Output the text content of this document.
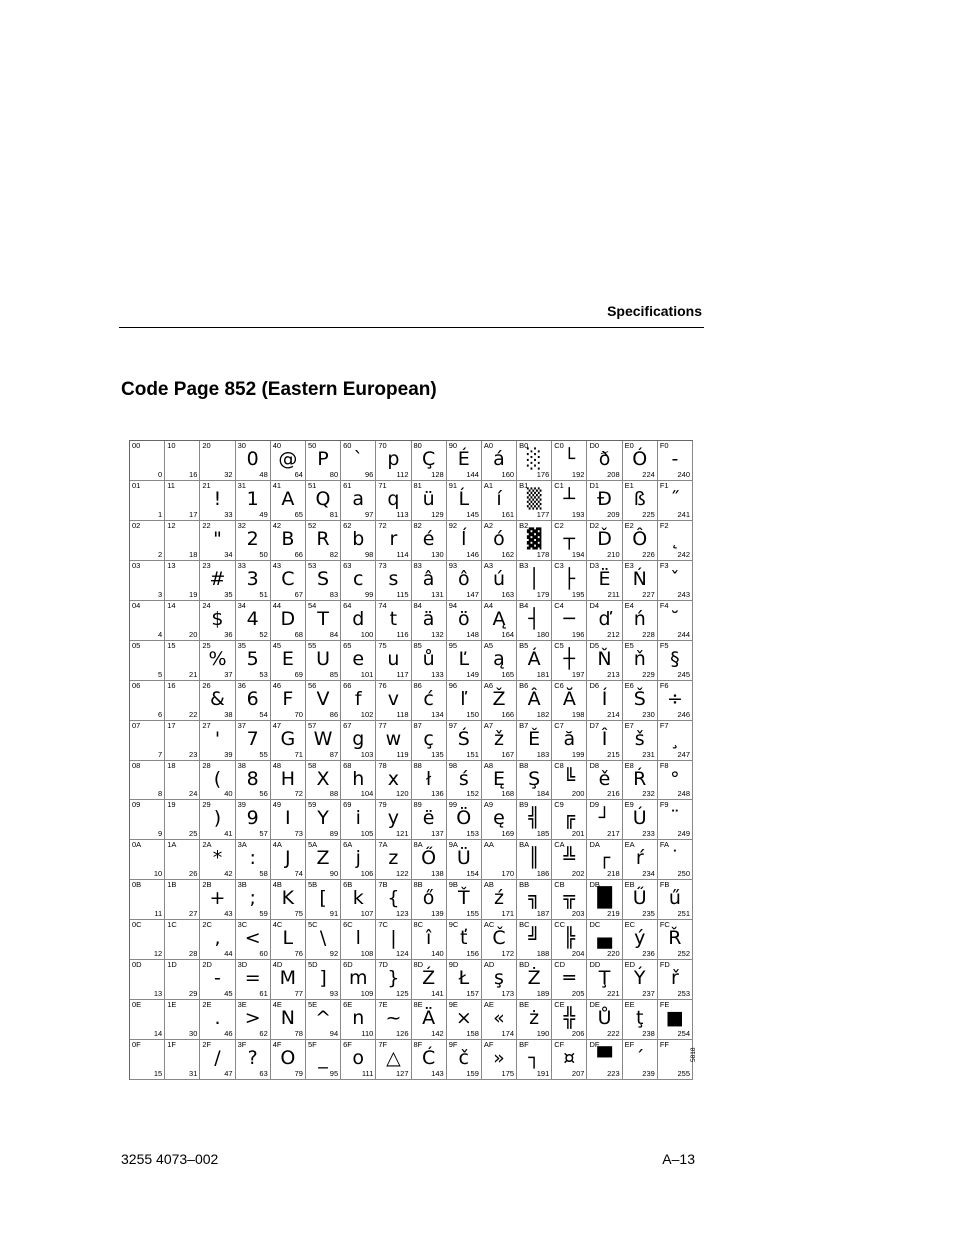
Specifications
Code Page 852 (Eastern European)
00
0
10
16
20
32
30
0
48
40
@
64
50
P
80
60
`
96
70
p
112
80
Ç
128
90
É
144
A0
á
160
B0
░
176
C0
└
192
D0
ð
208
E0
Ó
224
F0
-
240
01
1
11
17
21
!
33
31
1
49
41
A
65
51
Q
81
61
a
97
71
q
113
81
ü
129
91
Ĺ
145
A1
í
161
B1
▒
177
C1
┴
193
D1
Đ
209
E1
ß
225
F1
˝
241
02
2
12
18
22
"
34
32
2
50
42
B
66
52
R
82
62
b
98
72
r
114
82
é
130
92
ĺ
146
A2
ó
162
B2
▓
178
C2
┬
194
D2
Ď
210
E2
Ô
226
F2
˛
242
03
3
13
19
23
#
35
33
3
51
43
C
67
53
S
83
63
c
99
73
s
115
83
â
131
93
ô
147
A3
ú
163
B3
│
179
C3
├
195
D3
Ë
211
E3
Ń
227
F3
ˇ
243
04
4
14
20
24
$
36
34
4
52
44
D
68
54
T
84
64
d
100
74
t
116
84
ä
132
94
ö
148
A4
Ą
164
B4
┤
180
C4
─
196
D4
ď
212
E4
ń
228
F4
˘
244
05
5
15
21
25
%
37
35
5
53
45
E
69
55
U
85
65
e
101
75
u
117
85
ů
133
95
Ľ
149
A5
ą
165
B5
Á
181
C5
┼
197
D5
Ň
213
E5
ň
229
F5
§
245
06
6
16
22
26
&
38
36
6
54
46
F
70
56
V
86
66
f
102
76
v
118
86
ć
134
96
ľ
150
A6
Ž
166
B6
Â
182
C6
Ă
198
D6
Í
214
E6
Š
230
F6
÷
246
07
7
17
23
27
'
39
37
7
55
47
G
71
57
W
87
67
g
103
77
w
119
87
ç
135
97
Ś
151
A7
ž
167
B7
Ě
183
C7
ă
199
D7
Î
215
E7
š
231
F7
¸
247
08
8
18
24
28
(
40
38
8
56
48
H
72
58
X
88
68
h
104
78
x
120
88
ł
136
98
ś
152
A8
Ę
168
B8
Ş
184
C8
╚
200
D8
ě
216
E8
Ŕ
232
F8
°
248
09
9
19
25
29
)
41
39
9
57
49
I
73
59
Y
89
69
i
105
79
y
121
89
ë
137
99
Ö
153
A9
ę
169
B9
╣
185
C9
╔
201
D9
┘
217
E9
Ú
233
F9
¨
249
0A
10
1A
26
2A
*
42
3A
:
58
4A
J
74
5A
Z
90
6A
j
106
7A
z
122
8A
Ő
138
9A
Ü
154
AA
170
BA
║
186
CA
╩
202
DA
┌
218
EA
ŕ
234
FA
˙
250
0B
11
1B
27
2B
+
43
3B
;
59
4B
K
75
5B
[
91
6B
k
107
7B
{
123
8B
ő
139
9B
Ť
155
AB
ź
171
BB
╗
187
CB
╦
203
DB
█
219
EB
Ű
235
FB
ű
251
0C
12
1C
28
2C
,
44
3C
<
60
4C
L
76
5C
\
92
6C
l
108
7C
|
124
8C
î
140
9C
ť
156
AC
Č
172
BC
╝
188
CC
╠
204
DC
▄
220
EC
ý
236
FC
Ř
252
0D
13
1D
29
2D
-
45
3D
=
61
4D
M
77
5D
]
93
6D
m
109
7D
}
125
8D
Ź
141
9D
Ł
157
AD
ş
173
BD
Ż
189
CD
═
205
DD
Ţ
221
ED
Ý
237
FD
ř
253
0E
14
1E
30
2E
.
46
3E
>
62
4E
N
78
5E
^
94
6E
n
110
7E
~
126
8E
Ä
142
9E
×
158
AE
«
174
BE
ż
190
CE
╬
206
DE
Ů
222
EE
ţ
238
FE
■
254
0F
15
1F
31
2F
/
47
3F
?
63
4F
O
79
5F
_
95
6F
o
111
7F
△
127
8F
Ć
143
9F
č
159
AF
»
175
BF
┐
191
CF
¤
207
DF
▀
223
EF
´
239
FF
255
5818
3255 4073–002	A–13
